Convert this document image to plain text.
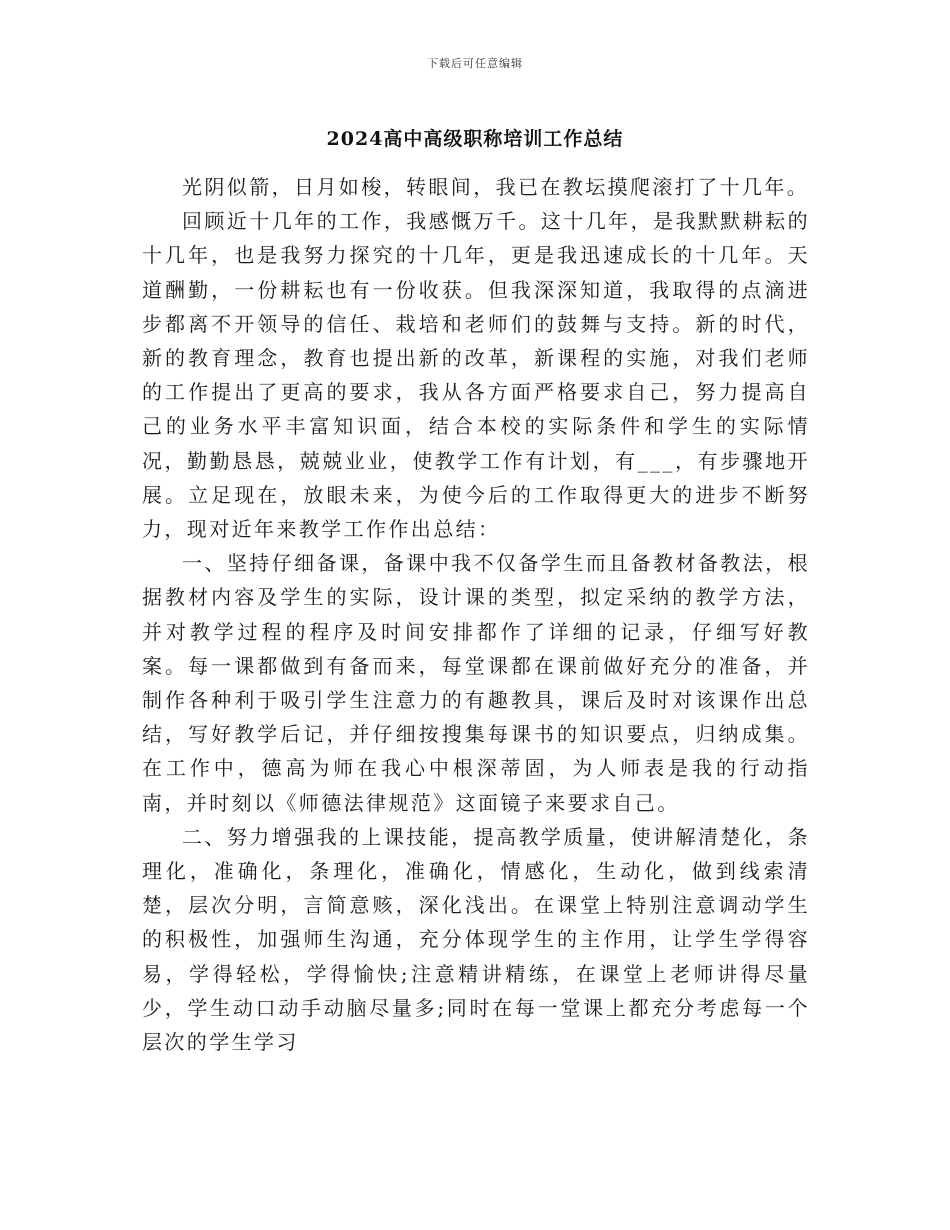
下载后可任意编辑
2024高中高级职称培训工作总结

光阴似箭，日月如梭，转眼间，我已在教坛摸爬滚打了十几年。

回顾近十几年的工作，我感慨万千。这十几年，是我默默耕耘的十几年，也是我努力探究的十几年，更是我迅速成长的十几年。天道酬勤，一份耕耘也有一份收获。但我深深知道，我取得的点滴进步都离不开领导的信任、栽培和老师们的鼓舞与支持。新的时代，新的教育理念，教育也提出新的改革，新课程的实施，对我们老师的工作提出了更高的要求，我从各方面严格要求自己，努力提高自己的业务水平丰富知识面，结合本校的实际条件和学生的实际情况，勤勤恳恳，兢兢业业，使教学工作有计划，有___，有步骤地开展。立足现在，放眼未来，为使今后的工作取得更大的进步不断努力，现对近年来教学工作作出总结：

一、坚持仔细备课，备课中我不仅备学生而且备教材备教法，根据教材内容及学生的实际，设计课的类型，拟定采纳的教学方法，并对教学过程的程序及时间安排都作了详细的记录，仔细写好教案。每一课都做到有备而来，每堂课都在课前做好充分的准备，并制作各种利于吸引学生注意力的有趣教具，课后及时对该课作出总结，写好教学后记，并仔细按搜集每课书的知识要点，归纳成集。在工作中，德高为师在我心中根深蒂固，为人师表是我的行动指南，并时刻以《师德法律规范》这面镜子来要求自己。

二、努力增强我的上课技能，提高教学质量，使讲解清楚化，条理化，准确化，条理化，准确化，情感化，生动化，做到线索清楚，层次分明，言简意赅，深化浅出。在课堂上特别注意调动学生的积极性，加强师生沟通，充分体现学生的主作用，让学生学得容易，学得轻松，学得愉快;注意精讲精练，在课堂上老师讲得尽量少，学生动口动手动脑尽量多;同时在每一堂课上都充分考虑每一个层次的学生学习
